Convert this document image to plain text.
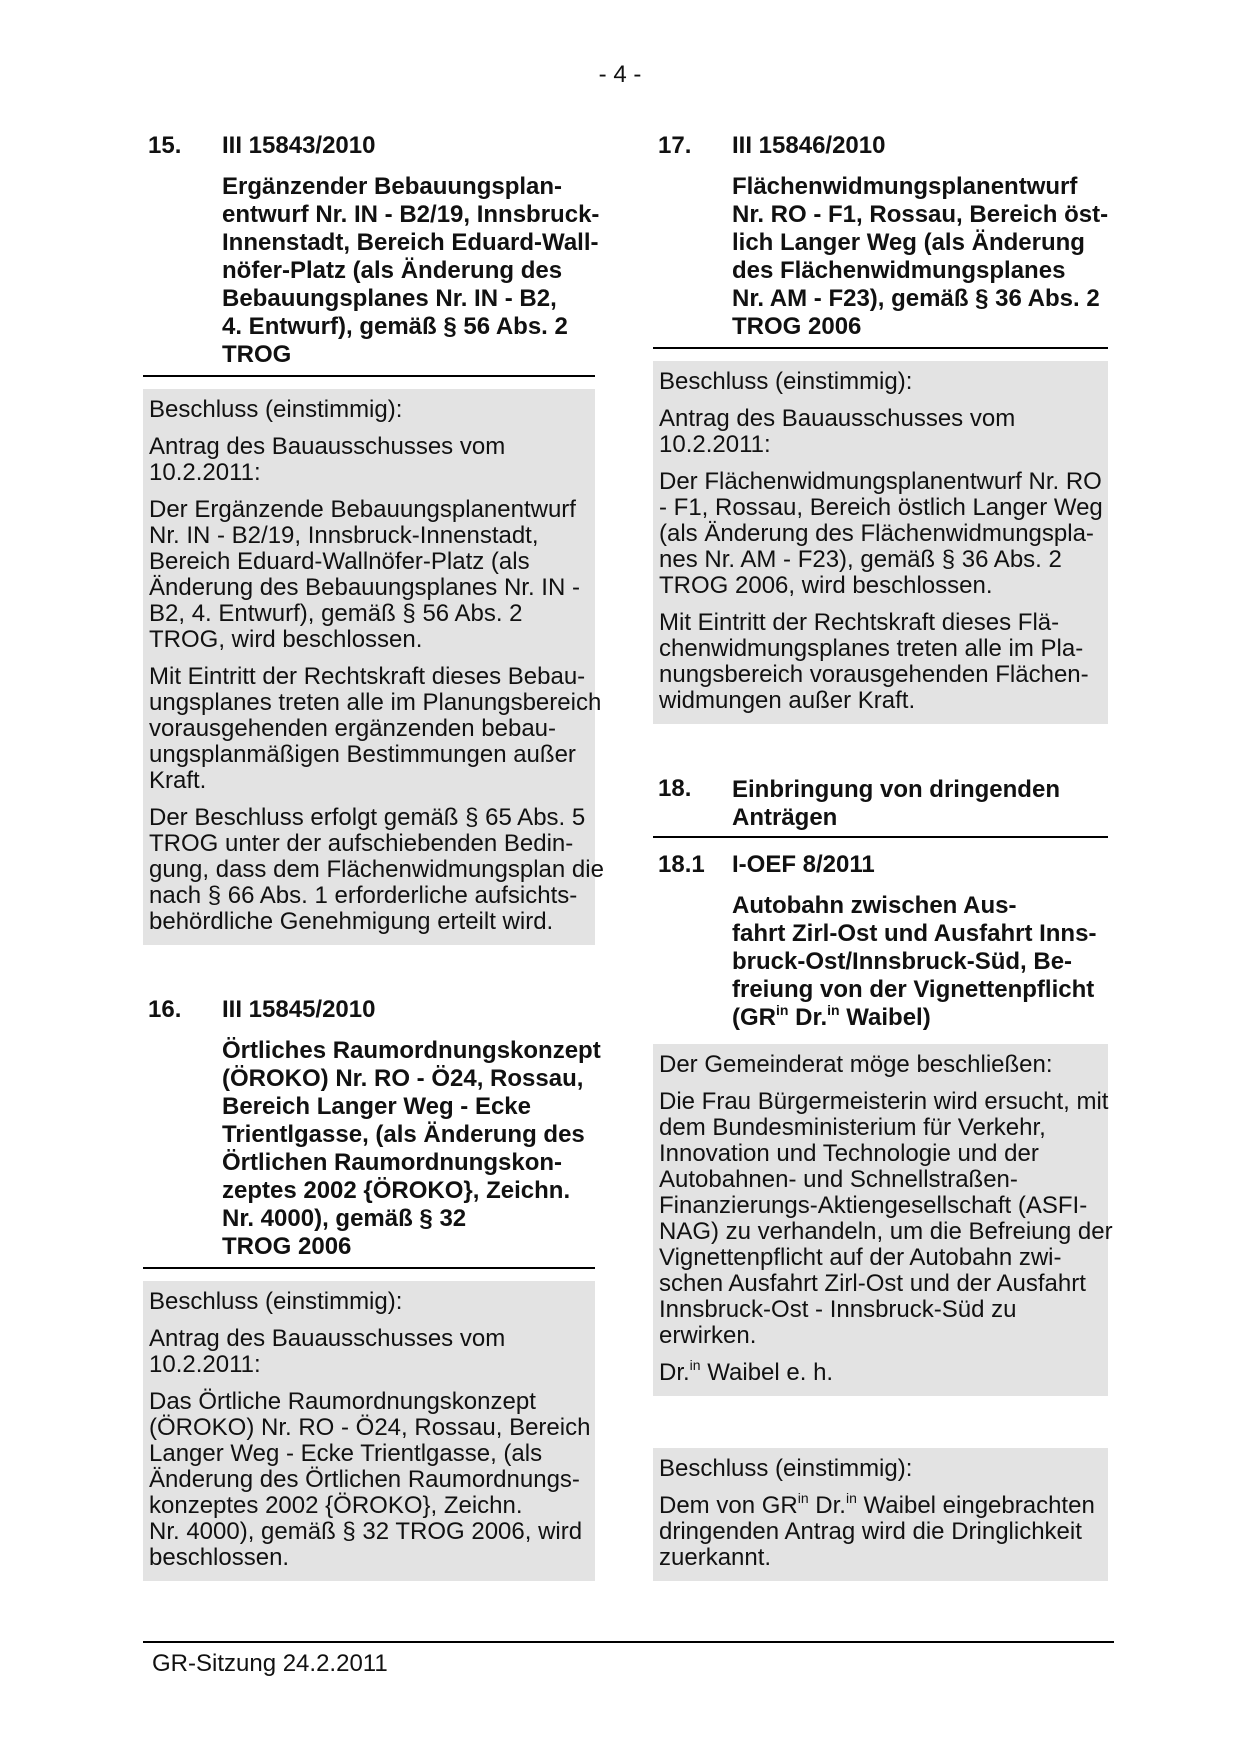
- 4 -
15.	III 15843/2010
Ergänzender Bebauungsplan-
entwurf Nr. IN - B2/19, Innsbruck-
Innenstadt, Bereich Eduard-Wall-
nöfer-Platz (als Änderung des
Bebauungsplanes Nr. IN - B2,
4. Entwurf), gemäß § 56 Abs. 2
TROG
Beschluss (einstimmig):
Antrag des Bauausschusses vom
10.2.2011:
Der Ergänzende Bebauungsplanentwurf
Nr. IN - B2/19, Innsbruck-Innenstadt,
Bereich Eduard-Wallnöfer-Platz (als
Änderung des Bebauungsplanes Nr. IN -
B2, 4. Entwurf), gemäß § 56 Abs. 2
TROG, wird beschlossen.
Mit Eintritt der Rechtskraft dieses Bebau-
ungsplanes treten alle im Planungsbereich
vorausgehenden ergänzenden bebau-
ungsplanmäßigen Bestimmungen außer
Kraft.
Der Beschluss erfolgt gemäß § 65 Abs. 5
TROG unter der aufschiebenden Bedin-
gung, dass dem Flächenwidmungsplan die
nach § 66 Abs. 1 erforderliche aufsichts-
behördliche Genehmigung erteilt wird.
16.	III 15845/2010
Örtliches Raumordnungskonzept
(ÖROKO) Nr. RO - Ö24, Rossau,
Bereich Langer Weg - Ecke
Trientlgasse, (als Änderung des
Örtlichen Raumordnungskon-
zeptes 2002 {ÖROKO}, Zeichn.
Nr. 4000), gemäß § 32
TROG 2006
Beschluss (einstimmig):
Antrag des Bauausschusses vom
10.2.2011:
Das Örtliche Raumordnungskonzept
(ÖROKO) Nr. RO - Ö24, Rossau, Bereich
Langer Weg - Ecke Trientlgasse, (als
Änderung des Örtlichen Raumordnungs-
konzeptes 2002 {ÖROKO}, Zeichn.
Nr. 4000), gemäß § 32 TROG 2006, wird
beschlossen.
17.	III 15846/2010
Flächenwidmungsplanentwurf
Nr. RO - F1, Rossau, Bereich öst-
lich Langer Weg (als Änderung
des Flächenwidmungsplanes
Nr. AM - F23), gemäß § 36 Abs. 2
TROG 2006
Beschluss (einstimmig):
Antrag des Bauausschusses vom
10.2.2011:
Der Flächenwidmungsplanentwurf Nr. RO
- F1, Rossau, Bereich östlich Langer Weg
(als Änderung des Flächenwidmungspla-
nes Nr. AM - F23), gemäß § 36 Abs. 2
TROG 2006, wird beschlossen.
Mit Eintritt der Rechtskraft dieses Flä-
chenwidmungsplanes treten alle im Pla-
nungsbereich vorausgehenden Flächen-
widmungen außer Kraft.
18.	Einbringung von dringenden
Anträgen
18.1	I-OEF 8/2011
Autobahn zwischen Aus-
fahrt Zirl-Ost und Ausfahrt Inns-
bruck-Ost/Innsbruck-Süd, Be-
freiung von der Vignettenpflicht
($GR^{in}$ Dr.$^{in}$ Waibel)
Der Gemeinderat möge beschließen:
Die Frau Bürgermeisterin wird ersucht, mit
dem Bundesministerium für Verkehr,
Innovation und Technologie und der
Autobahnen- und Schnellstraßen-
Finanzierungs-Aktiengesellschaft (ASFI-
NAG) zu verhandeln, um die Befreiung der
Vignettenpflicht auf der Autobahn zwi-
schen Ausfahrt Zirl-Ost und der Ausfahrt
Innsbruck-Ost - Innsbruck-Süd zu
erwirken.
Dr.$^{in}$ Waibel e. h.
Beschluss (einstimmig):
Dem von $GR^{in}$ Dr.$^{in}$ Waibel eingebrachten
dringenden Antrag wird die Dringlichkeit
zuerkannt.
GR-Sitzung 24.2.2011
